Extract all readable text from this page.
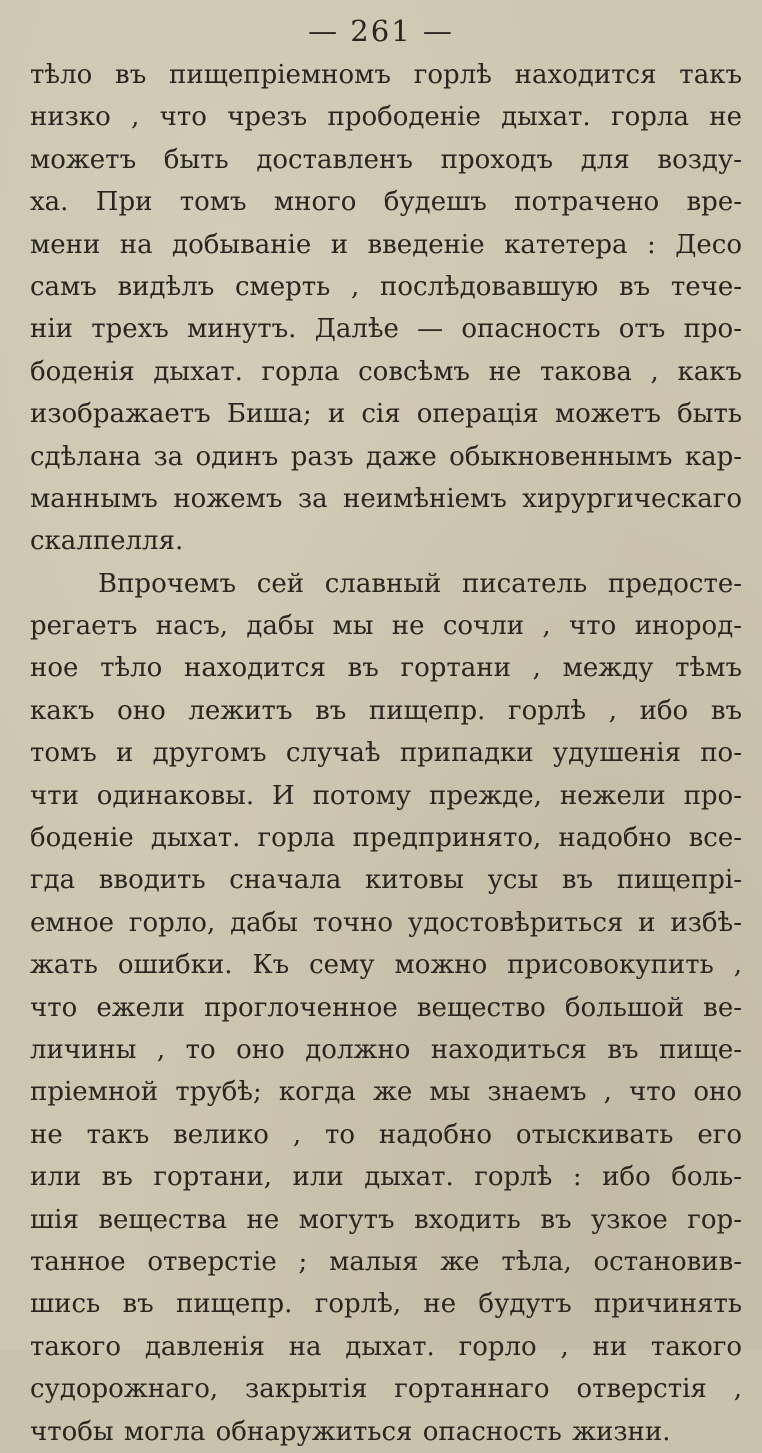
— 261 —
тѣло въ пищепріемномъ горлѣ находится такъ
низко , что чрезъ прободеніе дыхат. горла не
можетъ быть доставленъ проходъ для возду-
ха. При томъ много будешъ потрачено вре-
мени на добываніе и введеніе катетера : Десо
самъ видѣлъ смерть , послѣдовавшую въ тече-
ніи трехъ минутъ. Далѣе — опасность отъ про-
боденія дыхат. горла совсѣмъ не такова , какъ
изображаетъ Биша; и сія операція можетъ быть
сдѣлана за одинъ разъ даже обыкновеннымъ кар-
маннымъ ножемъ за неимѣніемъ хирургическаго
скалпелля.
Впрочемъ сей славный писатель предосте-
регаетъ насъ, дабы мы не сочли , что инород-
ное тѣло находится въ гортани , между тѣмъ
какъ оно лежитъ въ пищепр. горлѣ , ибо въ
томъ и другомъ случаѣ припадки удушенія по-
чти одинаковы. И потому прежде, нежели про-
боденіе дыхат. горла предпринято, надобно все-
гда вводить сначала китовы усы въ пищепрі-
емное горло, дабы точно удостовѣриться и избѣ-
жать ошибки. Къ сему можно присовокупить ,
что ежели проглоченное вещество большой ве-
личины , то оно должно находиться въ пище-
пріемной трубѣ; когда же мы знаемъ , что оно
не такъ велико , то надобно отыскивать его
или въ гортани, или дыхат. горлѣ : ибо боль-
шія вещества не могутъ входить въ узкое гор-
танное отверстіе ; малыя же тѣла, остановив-
шись въ пищепр. горлѣ, не будутъ причинять
такого давленія на дыхат. горло , ни такого
судорожнаго, закрытія гортаннаго отверстія ,
чтобы могла обнаружиться опасность жизни.
